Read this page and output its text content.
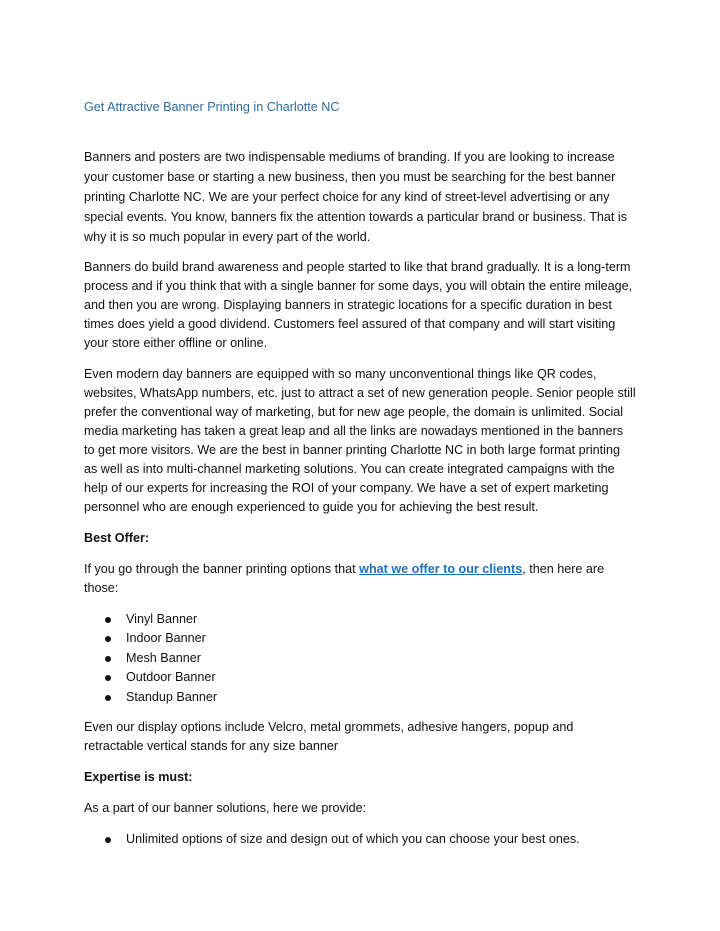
Get Attractive Banner Printing in Charlotte NC

Banners and posters are two indispensable mediums of branding. If you are looking to increase your customer base or starting a new business, then you must be searching for the best banner printing Charlotte NC. We are your perfect choice for any kind of street-level advertising or any special events. You know, banners fix the attention towards a particular brand or business. That is why it is so much popular in every part of the world.

Banners do build brand awareness and people started to like that brand gradually. It is a long-term process and if you think that with a single banner for some days, you will obtain the entire mileage, and then you are wrong. Displaying banners in strategic locations for a specific duration in best times does yield a good dividend. Customers feel assured of that company and will start visiting your store either offline or online.

Even modern day banners are equipped with so many unconventional things like QR codes, websites, WhatsApp numbers, etc. just to attract a set of new generation people. Senior people still prefer the conventional way of marketing, but for new age people, the domain is unlimited. Social media marketing has taken a great leap and all the links are nowadays mentioned in the banners to get more visitors. We are the best in banner printing Charlotte NC in both large format printing as well as into multi-channel marketing solutions. You can create integrated campaigns with the help of our experts for increasing the ROI of your company. We have a set of expert marketing personnel who are enough experienced to guide you for achieving the best result.

Best Offer:

If you go through the banner printing options that what we offer to our clients, then here are those:

Vinyl Banner
Indoor Banner
Mesh Banner
Outdoor Banner
Standup Banner

Even our display options include Velcro, metal grommets, adhesive hangers, popup and retractable vertical stands for any size banner

Expertise is must:

As a part of our banner solutions, here we provide:

Unlimited options of size and design out of which you can choose your best ones.
